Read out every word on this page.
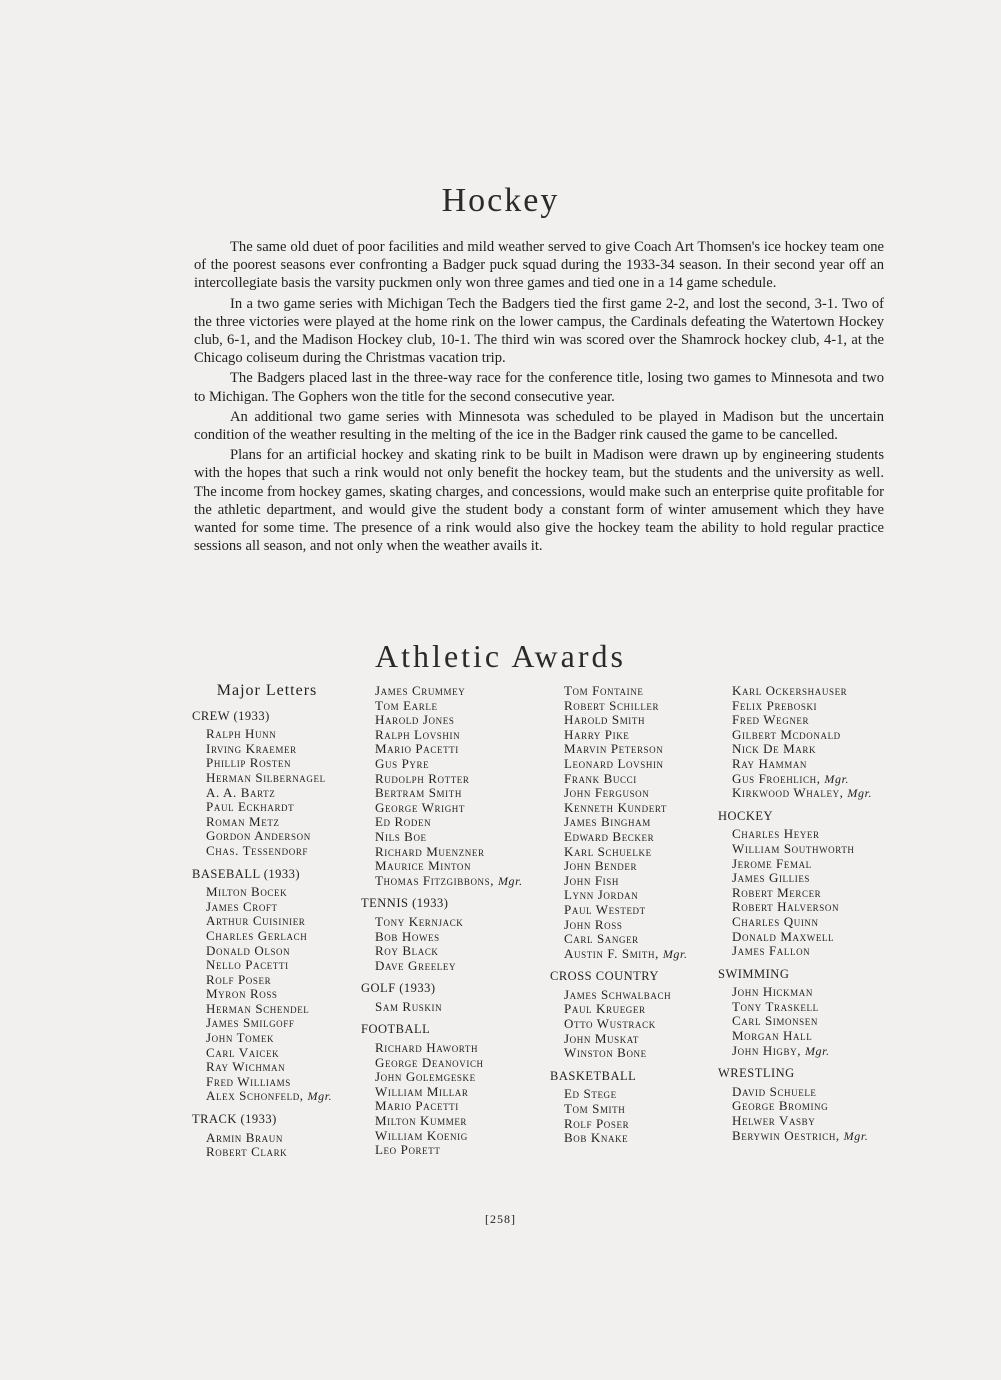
Hockey

The same old duet of poor facilities and mild weather served to give Coach Art Thomsen's ice hockey team one of the poorest seasons ever confronting a Badger puck squad during the 1933-34 season. In their second year off an intercollegiate basis the varsity puckmen only won three games and tied one in a 14 game schedule.

In a two game series with Michigan Tech the Badgers tied the first game 2-2, and lost the second, 3-1. Two of the three victories were played at the home rink on the lower campus, the Cardinals defeating the Watertown Hockey club, 6-1, and the Madison Hockey club, 10-1. The third win was scored over the Shamrock hockey club, 4-1, at the Chicago coliseum during the Christmas vacation trip.

The Badgers placed last in the three-way race for the conference title, losing two games to Minnesota and two to Michigan. The Gophers won the title for the second consecutive year.

An additional two game series with Minnesota was scheduled to be played in Madison but the uncertain condition of the weather resulting in the melting of the ice in the Badger rink caused the game to be cancelled.

Plans for an artificial hockey and skating rink to be built in Madison were drawn up by engineering students with the hopes that such a rink would not only benefit the hockey team, but the students and the university as well. The income from hockey games, skating charges, and concessions, would make such an enterprise quite profitable for the athletic department, and would give the student body a constant form of winter amusement which they have wanted for some time. The presence of a rink would also give the hockey team the ability to hold regular practice sessions all season, and not only when the weather avails it.

Athletic Awards
Major Letters
CREW (1933)
Ralph Hunn
Irving Kraemer
Phillip Rosten
Herman Silbernagel
A. A. Bartz
Paul Eckhardt
Roman Metz
Gordon Anderson
Chas. Tessendorf
BASEBALL (1933)
Milton Bocek
James Croft
Arthur Cuisinier
Charles Gerlach
Donald Olson
Nello Pacetti
Rolf Poser
Myron Ross
Herman Schendel
James Smilgoff
John Tomek
Carl Vaicek
Ray Wichman
Fred Williams
Alex Schonfeld, Mgr.
TRACK (1933)
Armin Braun
Robert Clark
James Crummey
Tom Earle
Harold Jones
Ralph Lovshin
Mario Pacetti
Gus Pyre
Rudolph Rotter
Bertram Smith
George Wright
Ed Roden
Nils Boe
Richard Muenzner
Maurice Minton
Thomas Fitzgibbons, Mgr.
TENNIS (1933)
Tony Kernjack
Bob Howes
Roy Black
Dave Greeley
GOLF (1933)
Sam Ruskin
FOOTBALL
Richard Haworth
George Deanovich
John Golemgeske
William Millar
Mario Pacetti
Milton Kummer
William Koenig
Leo Porett
Tom Fontaine
Robert Schiller
Harold Smith
Harry Pike
Marvin Peterson
Leonard Lovshin
Frank Bucci
John Ferguson
Kenneth Kundert
James Bingham
Edward Becker
Karl Schuelke
John Bender
John Fish
Lynn Jordan
Paul Westedt
John Ross
Carl Sanger
Austin F. Smith, Mgr.
CROSS COUNTRY
James Schwalbach
Paul Krueger
Otto Wustrack
John Muskat
Winston Bone
BASKETBALL
Ed Stege
Tom Smith
Rolf Poser
Bob Knake
Karl Ockershauser
Felix Preboski
Fred Wegner
Gilbert Mcdonald
Nick De Mark
Ray Hamman
Gus Froehlich, Mgr.
Kirkwood Whaley, Mgr.
HOCKEY
Charles Heyer
William Southworth
Jerome Femal
James Gillies
Robert Mercer
Robert Halverson
Charles Quinn
Donald Maxwell
James Fallon
SWIMMING
John Hickman
Tony Traskell
Carl Simonsen
Morgan Hall
John Higby, Mgr.
WRESTLING
David Schuele
George Broming
Helwer Vasby
Berywin Oestrich, Mgr.
[258]
